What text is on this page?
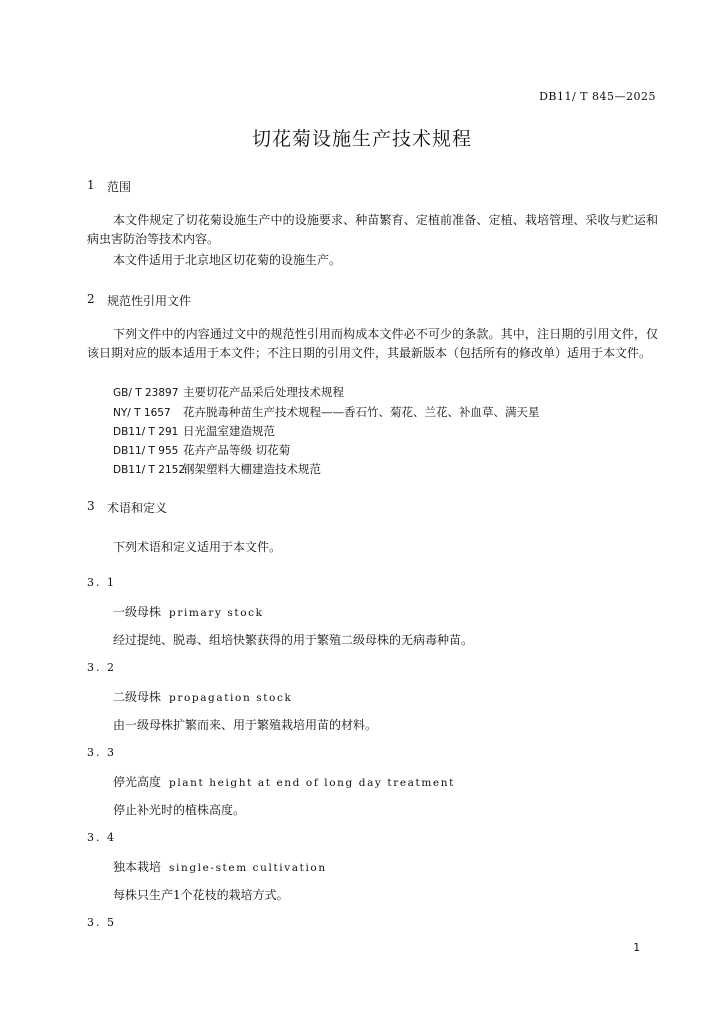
DB11/ T 845—2025
切花菊设施生产技术规程
1 范围
本文件规定了切花菊设施生产中的设施要求、种苗繁育、定植前准备、定植、栽培管理、采收与贮运和病虫害防治等技术内容。
本文件适用于北京地区切花菊的设施生产。
2 规范性引用文件
下列文件中的内容通过文中的规范性引用而构成本文件必不可少的条款。其中，注日期的引用文件，仅该日期对应的版本适用于本文件；不注日期的引用文件，其最新版本（包括所有的修改单）适用于本文件。
GB/ T 23897 主要切花产品采后处理技术规程
NY/ T 1657 花卉脱毒种苗生产技术规程——香石竹、菊花、兰花、补血草、满天星
DB11/ T 291 日光温室建造规范
DB11/ T 955 花卉产品等级 切花菊
DB11/ T 2152钢架塑料大棚建造技术规范
3 术语和定义
下列术语和定义适用于本文件。
3. 1
一级母株 primary stock
经过提纯、脱毒、组培快繁获得的用于繁殖二级母株的无病毒种苗。
3. 2
二级母株 propagation stock
由一级母株扩繁而来、用于繁殖栽培用苗的材料。
3. 3
停光高度 plant height at end of long day treatment
停止补光时的植株高度。
3. 4
独本栽培 single-stem cultivation
每株只生产1个花枝的栽培方式。
3. 5
1
